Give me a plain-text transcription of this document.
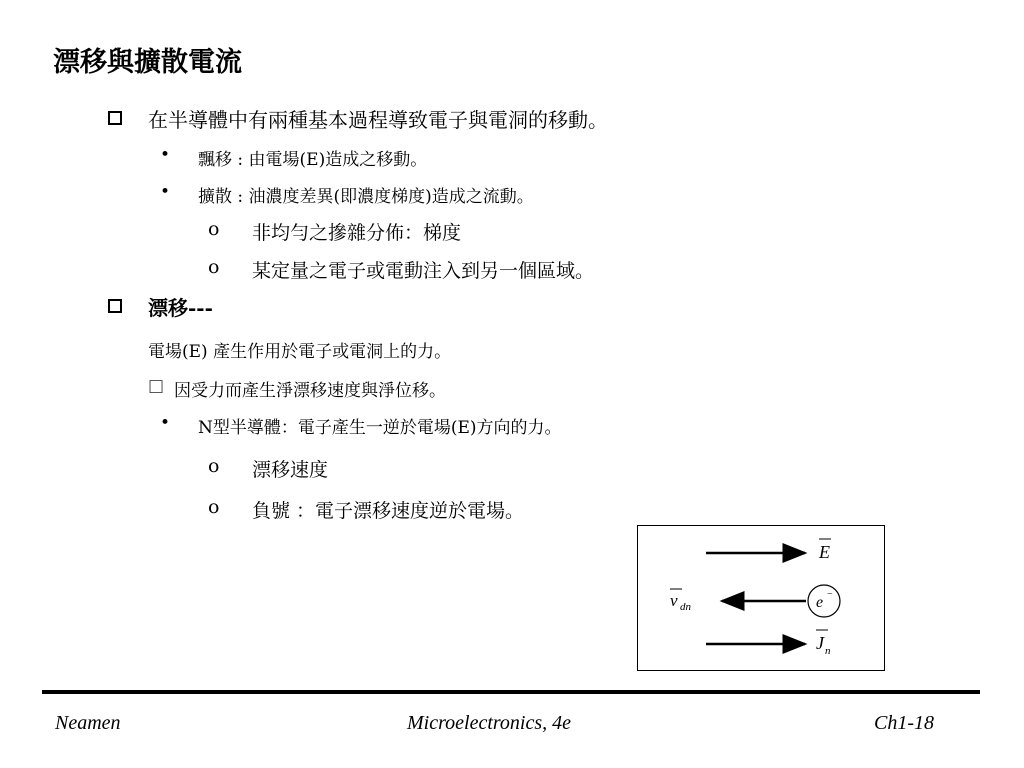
漂移與擴散電流
在半導體中有兩種基本過程導致電子與電洞的移動。
• 飄移 : 由電場(E)造成之移動。
• 擴散 : 油濃度差異(即濃度梯度)造成之流動。
o 非均勻之摻雜分佈：梯度
o 某定量之電子或電動注入到另一個區域。
漂移---
電場(E) 產生作用於電子或電洞上的力。
□ 因受力而產生淨漂移速度與淨位移。
• N型半導體：電子產生一逆於電場(E)方向的力。
o 漂移速度
o 負號 ：電子漂移速度逆於電場。
E
v dn	e −
J n
Neamen	Microelectronics, 4e	Ch1-18
